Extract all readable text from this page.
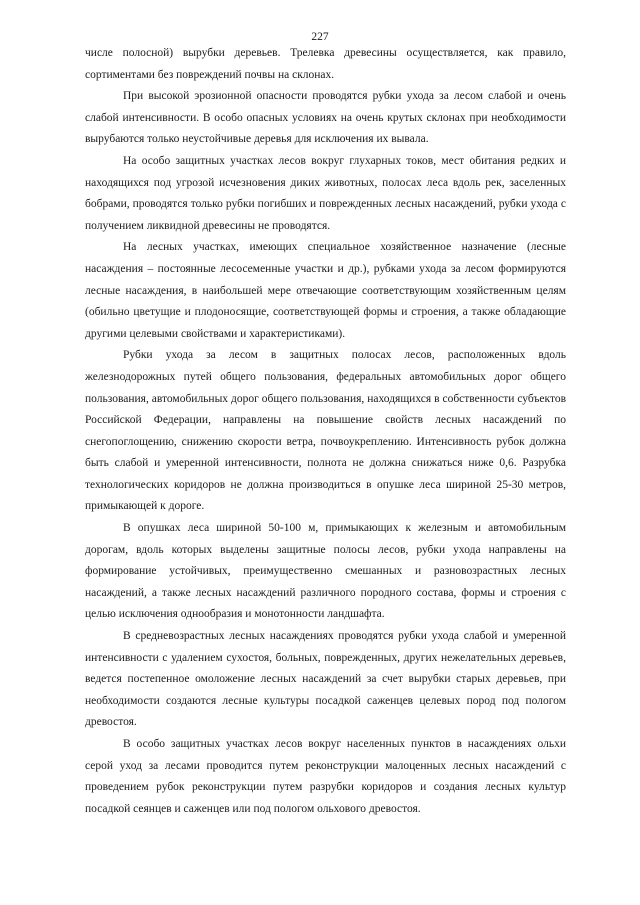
227

числе полосной) вырубки деревьев. Трелевка древесины осуществляется, как правило, сортиментами без повреждений почвы на склонах.

При высокой эрозионной опасности проводятся рубки ухода за лесом слабой и очень слабой интенсивности. В особо опасных условиях на очень крутых склонах при необходимости вырубаются только неустойчивые деревья для исключения их вывала.

На особо защитных участках лесов вокруг глухарных токов, мест обитания редких и находящихся под угрозой исчезновения диких животных, полосах леса вдоль рек, заселенных бобрами, проводятся только рубки погибших и поврежденных лесных насаждений, рубки ухода с получением ликвидной древесины не проводятся.

На лесных участках, имеющих специальное хозяйственное назначение (лесные насаждения – постоянные лесосеменные участки и др.), рубками ухода за лесом формируются лесные насаждения, в наибольшей мере отвечающие соответствующим хозяйственным целям (обильно цветущие и плодоносящие, соответствующей формы и строения, а также обладающие другими целевыми свойствами и характеристиками).

Рубки ухода за лесом в защитных полосах лесов, расположенных вдоль железнодорожных путей общего пользования, федеральных автомобильных дорог общего пользования, автомобильных дорог общего пользования, находящихся в собственности субъектов Российской Федерации, направлены на повышение свойств лесных насаждений по снегопоглощению, снижению скорости ветра, почвоукреплению. Интенсивность рубок должна быть слабой и умеренной интенсивности, полнота не должна снижаться ниже 0,6. Разрубка технологических коридоров не должна производиться в опушке леса шириной 25-30 метров, примыкающей к дороге.

В опушках леса шириной 50-100 м, примыкающих к железным и автомобильным дорогам, вдоль которых выделены защитные полосы лесов, рубки ухода направлены на формирование устойчивых, преимущественно смешанных и разновозрастных лесных насаждений, а также лесных насаждений различного породного состава, формы и строения с целью исключения однообразия и монотонности ландшафта.

В средневозрастных лесных насаждениях проводятся рубки ухода слабой и умеренной интенсивности с удалением сухостоя, больных, поврежденных, других нежелательных деревьев, ведется постепенное омоложение лесных насаждений за счет вырубки старых деревьев, при необходимости создаются лесные культуры посадкой саженцев целевых пород под пологом древостоя.

В особо защитных участках лесов вокруг населенных пунктов в насаждениях ольхи серой уход за лесами проводится путем реконструкции малоценных лесных насаждений с проведением рубок реконструкции путем разрубки коридоров и создания лесных культур посадкой сеянцев и саженцев или под пологом ольхового древостоя.
